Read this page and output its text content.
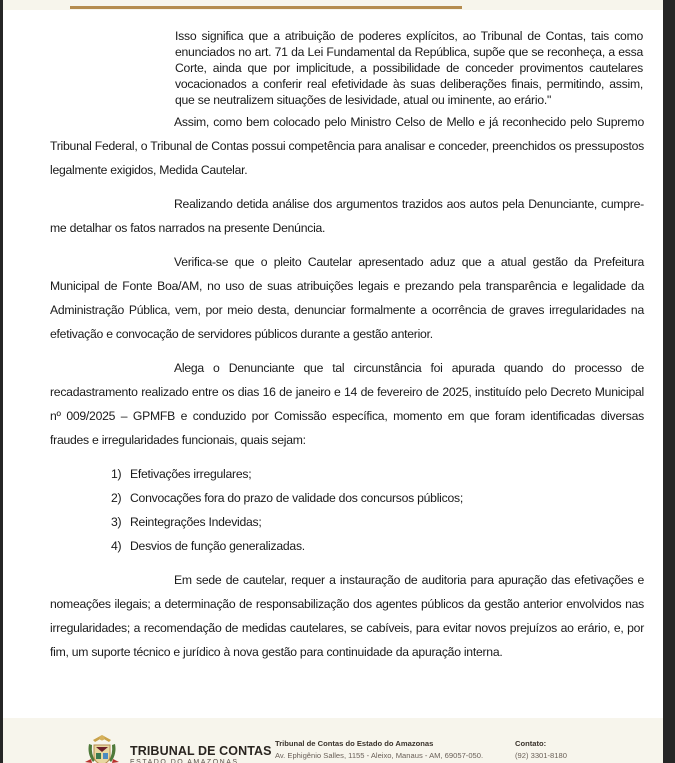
Isso significa que a atribuição de poderes explícitos, ao Tribunal de Contas, tais como enunciados no art. 71 da Lei Fundamental da República, supõe que se reconheça, a essa Corte, ainda que por implicitude, a possibilidade de conceder provimentos cautelares vocacionados a conferir real efetividade às suas deliberações finais, permitindo, assim, que se neutralizem situações de lesividade, atual ou iminente, ao erário."
Assim, como bem colocado pelo Ministro Celso de Mello e já reconhecido pelo Supremo Tribunal Federal, o Tribunal de Contas possui competência para analisar e conceder, preenchidos os pressupostos legalmente exigidos, Medida Cautelar.
Realizando detida análise dos argumentos trazidos aos autos pela Denunciante, cumpre-me detalhar os fatos narrados na presente Denúncia.
Verifica-se que o pleito Cautelar apresentado aduz que a atual gestão da Prefeitura Municipal de Fonte Boa/AM, no uso de suas atribuições legais e prezando pela transparência e legalidade da Administração Pública, vem, por meio desta, denunciar formalmente a ocorrência de graves irregularidades na efetivação e convocação de servidores públicos durante a gestão anterior.
Alega o Denunciante que tal circunstância foi apurada quando do processo de recadastramento realizado entre os dias 16 de janeiro e 14 de fevereiro de 2025, instituído pelo Decreto Municipal nº 009/2025 – GPMFB e conduzido por Comissão específica, momento em que foram identificadas diversas fraudes e irregularidades funcionais, quais sejam:
1) Efetivações irregulares;
2) Convocações fora do prazo de validade dos concursos públicos;
3) Reintegrações Indevidas;
4) Desvios de função generalizadas.
Em sede de cautelar, requer a instauração de auditoria para apuração das efetivações e nomeações ilegais; a determinação de responsabilização dos agentes públicos da gestão anterior envolvidos nas irregularidades; a recomendação de medidas cautelares, se cabíveis, para evitar novos prejuízos ao erário, e, por fim, um suporte técnico e jurídico à nova gestão para continuidade da apuração interna.
TRIBUNAL DE CONTAS
ESTADO DO AMAZONAS
Tribunal de Contas do Estado do Amazonas
Av. Ephigênio Salles, 1155 - Aleixo, Manaus - AM, 69057-050.
Contato:
(92) 3301-8180
